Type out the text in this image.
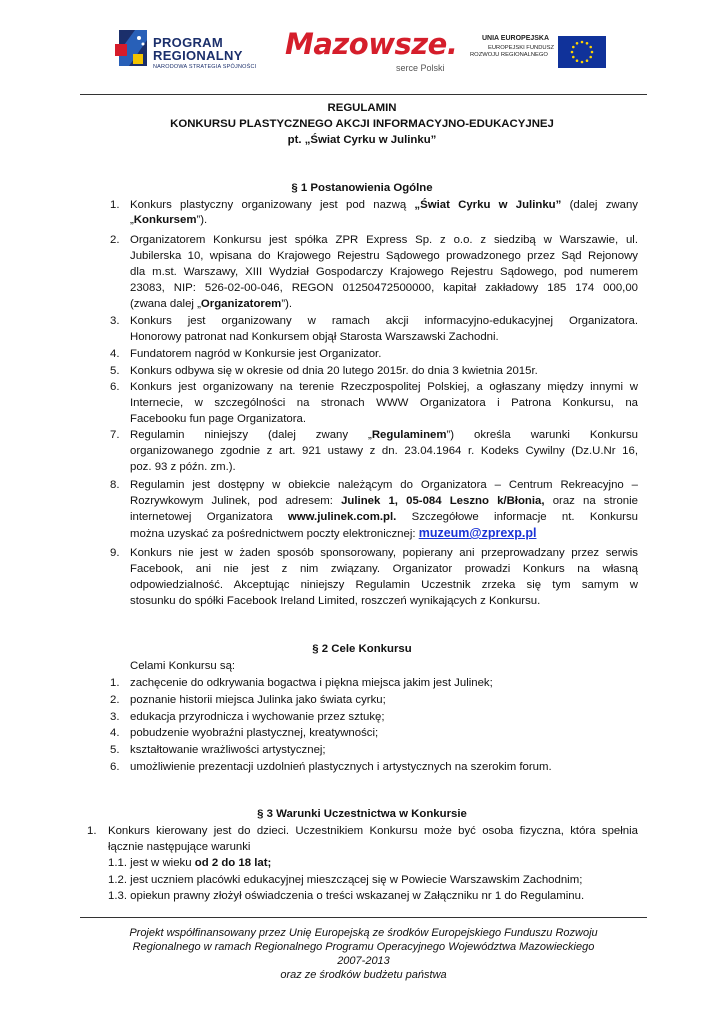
PROGRAM
REGIONALNY
NARODOWA STRATEGIA SPÓJNOŚCI
Mazowsze.
serce Polski
UNIA EUROPEJSKA
EUROPEJSKI FUNDUSZ
ROZWOJU REGIONALNEGO
REGULAMIN
KONKURSU PLASTYCZNEGO AKCJI INFORMACYJNO-EDUKACYJNEJ
pt. „Świat Cyrku w Julinku”
§ 1 Postanowienia Ogólne
1. Konkurs plastyczny organizowany jest pod nazwą „Świat Cyrku w Julinku” (dalej zwany
„Konkursem”).
2. Organizatorem Konkursu jest spółka ZPR Express Sp. z o.o. z siedzibą w Warszawie, ul.
Jubilerska 10, wpisana do Krajowego Rejestru Sądowego prowadzonego przez Sąd Rejonowy
dla m.st. Warszawy, XIII Wydział Gospodarczy Krajowego Rejestru Sądowego, pod numerem
23083, NIP: 526-02-00-046, REGON 01250472500000, kapitał zakładowy 185 174 000,00
(zwana dalej „Organizatorem”).
3. Konkurs jest organizowany w ramach akcji informacyjno-edukacyjnej Organizatora.
Honorowy patronat nad Konkursem objął Starosta Warszawski Zachodni.
4. Fundatorem nagród w Konkursie jest Organizator.
5. Konkurs odbywa się w okresie od dnia 20 lutego 2015r. do dnia 3 kwietnia 2015r.
6. Konkurs jest organizowany na terenie Rzeczpospolitej Polskiej, a ogłaszany między innymi w
Internecie, w szczególności na stronach WWW Organizatora i Patrona Konkursu, na
Facebooku fun page Organizatora.
7. Regulamin niniejszy (dalej zwany „Regulaminem”) określa warunki Konkursu
organizowanego zgodnie z art. 921 ustawy z dn. 23.04.1964 r. Kodeks Cywilny (Dz.U.Nr 16,
poz. 93 z późn. zm.).
8. Regulamin jest dostępny w obiekcie należącym do Organizatora – Centrum Rekreacyjno –
Rozrywkowym Julinek, pod adresem: Julinek 1, 05-084 Leszno k/Błonia, oraz na stronie
internetowej Organizatora www.julinek.com.pl. Szczegółowe informacje nt. Konkursu
można uzyskać za pośrednictwem poczty elektronicznej: muzeum@zprexp.pl
9. Konkurs nie jest w żaden sposób sponsorowany, popierany ani przeprowadzany przez serwis
Facebook, ani nie jest z nim związany. Organizator prowadzi Konkurs na własną
odpowiedzialność. Akceptując niniejszy Regulamin Uczestnik zrzeka się tym samym w
stosunku do spółki Facebook Ireland Limited, roszczeń wynikających z Konkursu.
§ 2 Cele Konkursu
Celami Konkursu są:
1. zachęcenie do odkrywania bogactwa i piękna miejsca jakim jest Julinek;
2. poznanie historii miejsca Julinka jako świata cyrku;
3. edukacja przyrodnicza i wychowanie przez sztukę;
4. pobudzenie wyobraźni plastycznej, kreatywności;
5. kształtowanie wrażliwości artystycznej;
6. umożliwienie prezentacji uzdolnień plastycznych i artystycznych na szerokim forum.
§ 3 Warunki Uczestnictwa w Konkursie
1. Konkurs kierowany jest do dzieci. Uczestnikiem Konkursu może być osoba fizyczna, która spełnia
łącznie następujące warunki
1.1. jest w wieku od 2 do 18 lat;
1.2. jest uczniem placówki edukacyjnej mieszczącej się w Powiecie Warszawskim Zachodnim;
1.3. opiekun prawny złożył oświadczenia o treści wskazanej w Załączniku nr 1 do Regulaminu.
Projekt współfinansowany przez Unię Europejską ze środków Europejskiego Funduszu Rozwoju
Regionalnego w ramach Regionalnego Programu Operacyjnego Województwa Mazowieckiego
2007-2013
oraz ze środków budżetu państwa
